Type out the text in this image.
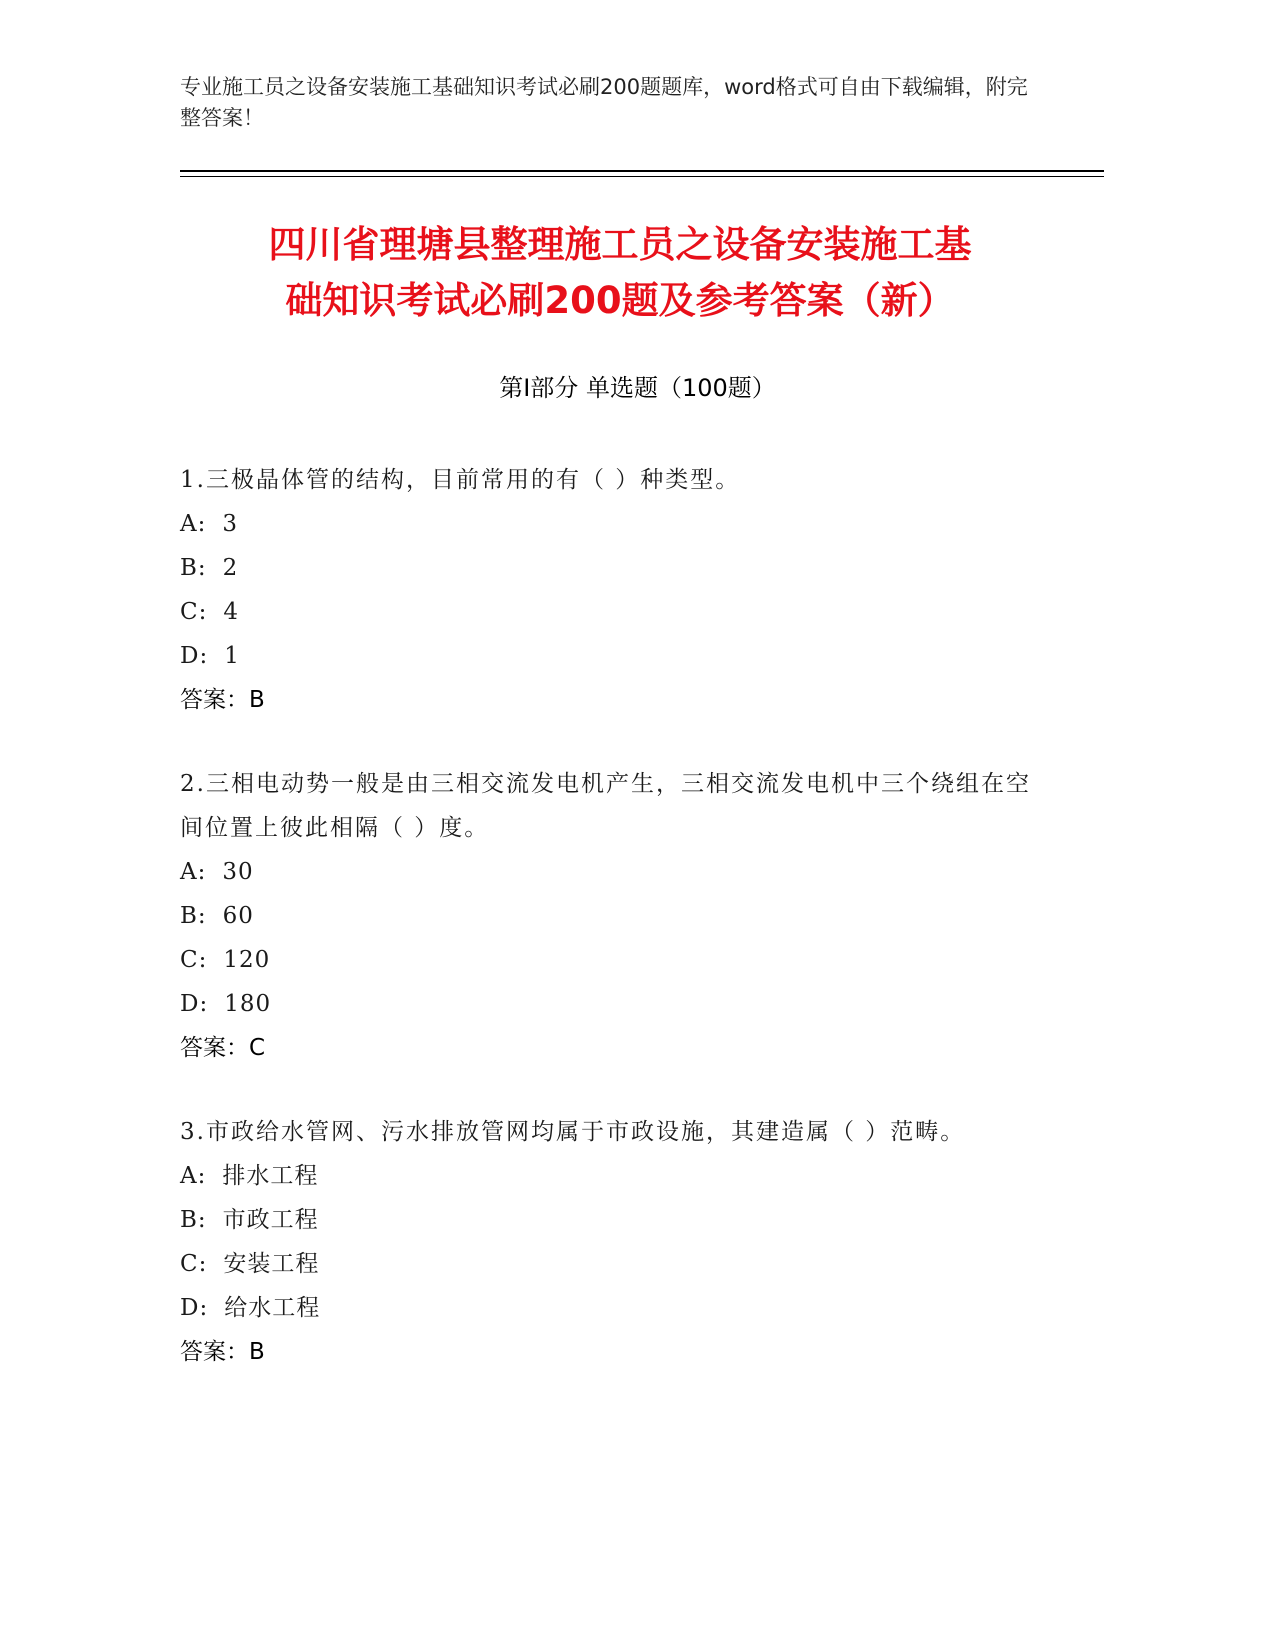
专业施工员之设备安装施工基础知识考试必刷200题题库，word格式可自由下载编辑，附完整答案！
四川省理塘县整理施工员之设备安装施工基
础知识考试必刷200题及参考答案（新）
第Ⅰ部分 单选题（100题）
1.三极晶体管的结构，目前常用的有（ ）种类型。
A: 3
B: 2
C: 4
D: 1
答案：B
2.三相电动势一般是由三相交流发电机产生，三相交流发电机中三个绕组在空间位置上彼此相隔（ ）度。
A: 30
B: 60
C: 120
D: 180
答案：C
3.市政给水管网、污水排放管网均属于市政设施，其建造属（ ）范畴。
A: 排水工程
B: 市政工程
C: 安装工程
D: 给水工程
答案：B
